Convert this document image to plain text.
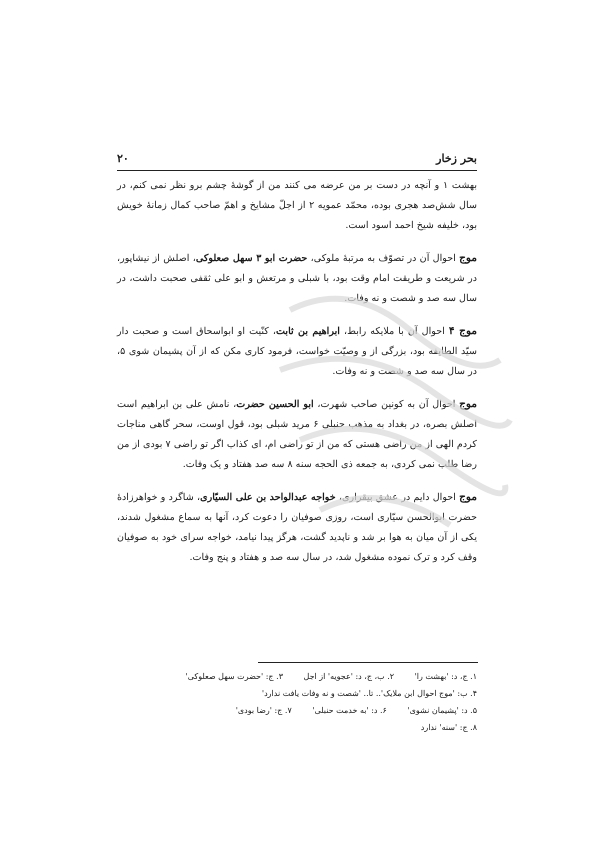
بحر زخار
۲۰

بهشت ۱ و آنچه در دست بر من عرضه می کنند من از گوشهٔ چشم برو نظر نمی کنم، در سال شش‌صد هجری بوده، محمّد عمویه ۲ از اجلّ مشایخ و اهمّ صاحب کمال زمانهٔ خویش بود، خلیفه شیخ احمد اسود است.

موج احوال آن در تصوّف به مرتبهٔ ملوکی، حضرت ابو ۳ سهل صعلوکی، اصلش از نیشاپور، در شریعت و طریقت امام وقت بود، با شبلی و مرتعش و ابو علی ثقفی صحبت داشت، در سال سه صد و شصت و نه وفات.

موج ۴ احوال آن با ملایکه رابط، ابراهیم بن ثابت، کنّیت او ابواسحاق است و صحبت دار سیّد الطایفه بود، بزرگی از و وصیّت خواست، فرمود کاری مکن که از آن پشیمان شوی ۵، در سال سه صد و شصت و نه وفات.

موج احوال آن به کونین صاحب شهرت، ابو الحسین حضرت، نامش علی بن ابراهیم است اصلش بصره، در بغداد به مذهب حنبلی ۶ مرید شبلی بود، قول اوست، سحر گاهی مناجات کردم الهی از من راضی هستی که من از تو راضی ام، ای کذاب اگر تو راضی ۷ بودی از من رضا طلب نمی کردی، به جمعه ذی الحجه سنه ۸ سه صد هفتاد و یک وفات.

موج احوال دایم در عشق بیقراری، خواجه عبدالواحد بن علی السیّاری، شاگرد و خواهرزادهٔ حضرت ابوالحسن سیّاری است، روزی صوفیان را دعوت کرد، آنها به سماع مشغول شدند، یکی از آن میان به هوا بر شد و ناپدید گشت، هرگز پیدا نیامد، خواجه سرای خود به صوفیان وقف کرد و ترک نموده مشغول شد، در سال سه صد و هفتاد و پنج وفات.

۱. ج، د: 'بهشت را' ۲. ب، ج، د: 'عجویه' از اجل ۳. ج: 'حضرت سهل صعلوکی'
۴. ب: 'موج احوال ابن ملایک'.. تا.. 'شصت و نه وفات یافت ندارد'
۵. د: 'پشیمان نشوی' ۶. د: 'به خدمت حنبلی' ۷. ج: 'رضا بودی'
۸. ج: 'سنه' ندارد
